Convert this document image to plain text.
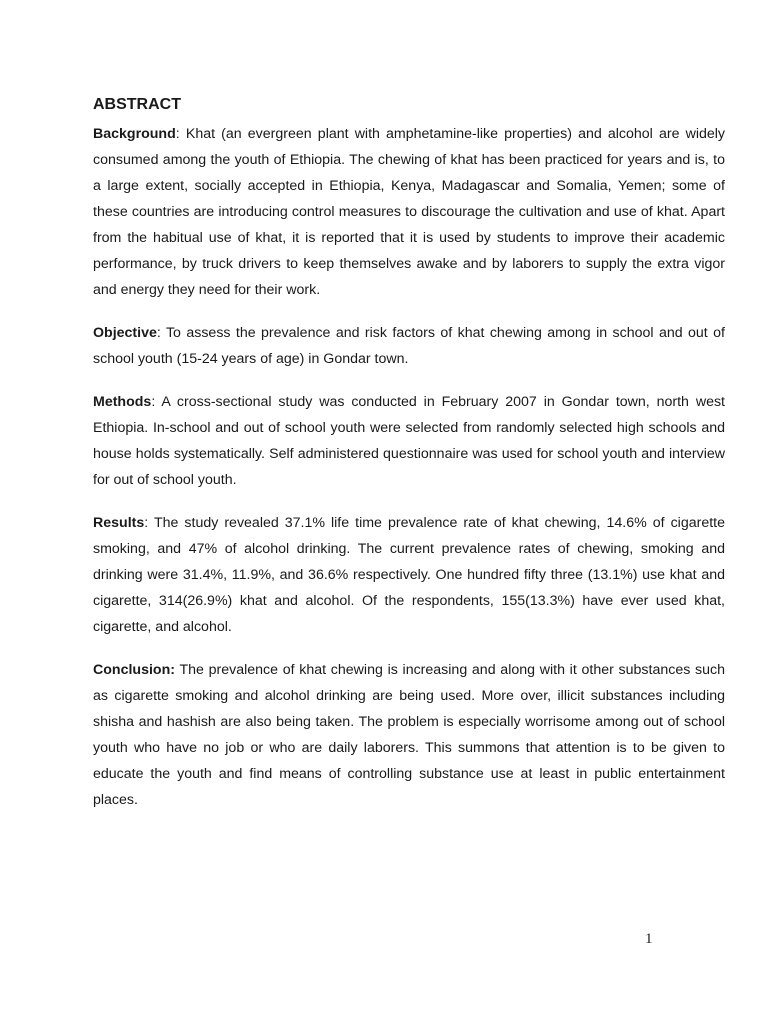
ABSTRACT

Background: Khat (an evergreen plant with amphetamine-like properties) and alcohol are widely consumed among the youth of Ethiopia. The chewing of khat has been practiced for years and is, to a large extent, socially accepted in Ethiopia, Kenya, Madagascar and Somalia, Yemen; some of these countries are introducing control measures to discourage the cultivation and use of khat. Apart from the habitual use of khat, it is reported that it is used by students to improve their academic performance, by truck drivers to keep themselves awake and by laborers to supply the extra vigor and energy they need for their work.

Objective: To assess the prevalence and risk factors of khat chewing among in school and out of school youth (15-24 years of age) in Gondar town.

Methods: A cross-sectional study was conducted in February 2007 in Gondar town, north west Ethiopia. In-school and out of school youth were selected from randomly selected high schools and house holds systematically. Self administered questionnaire was used for school youth and interview for out of school youth.

Results: The study revealed 37.1% life time prevalence rate of khat chewing, 14.6% of cigarette smoking, and 47% of alcohol drinking. The current prevalence rates of chewing, smoking and drinking were 31.4%, 11.9%, and 36.6% respectively. One hundred fifty three (13.1%) use khat and cigarette, 314(26.9%) khat and alcohol. Of the respondents, 155(13.3%) have ever used khat, cigarette, and alcohol.

Conclusion: The prevalence of khat chewing is increasing and along with it other substances such as cigarette smoking and alcohol drinking are being used. More over, illicit substances including shisha and hashish are also being taken. The problem is especially worrisome among out of school youth who have no job or who are daily laborers. This summons that attention is to be given to educate the youth and find means of controlling substance use at least in public entertainment places.

1
